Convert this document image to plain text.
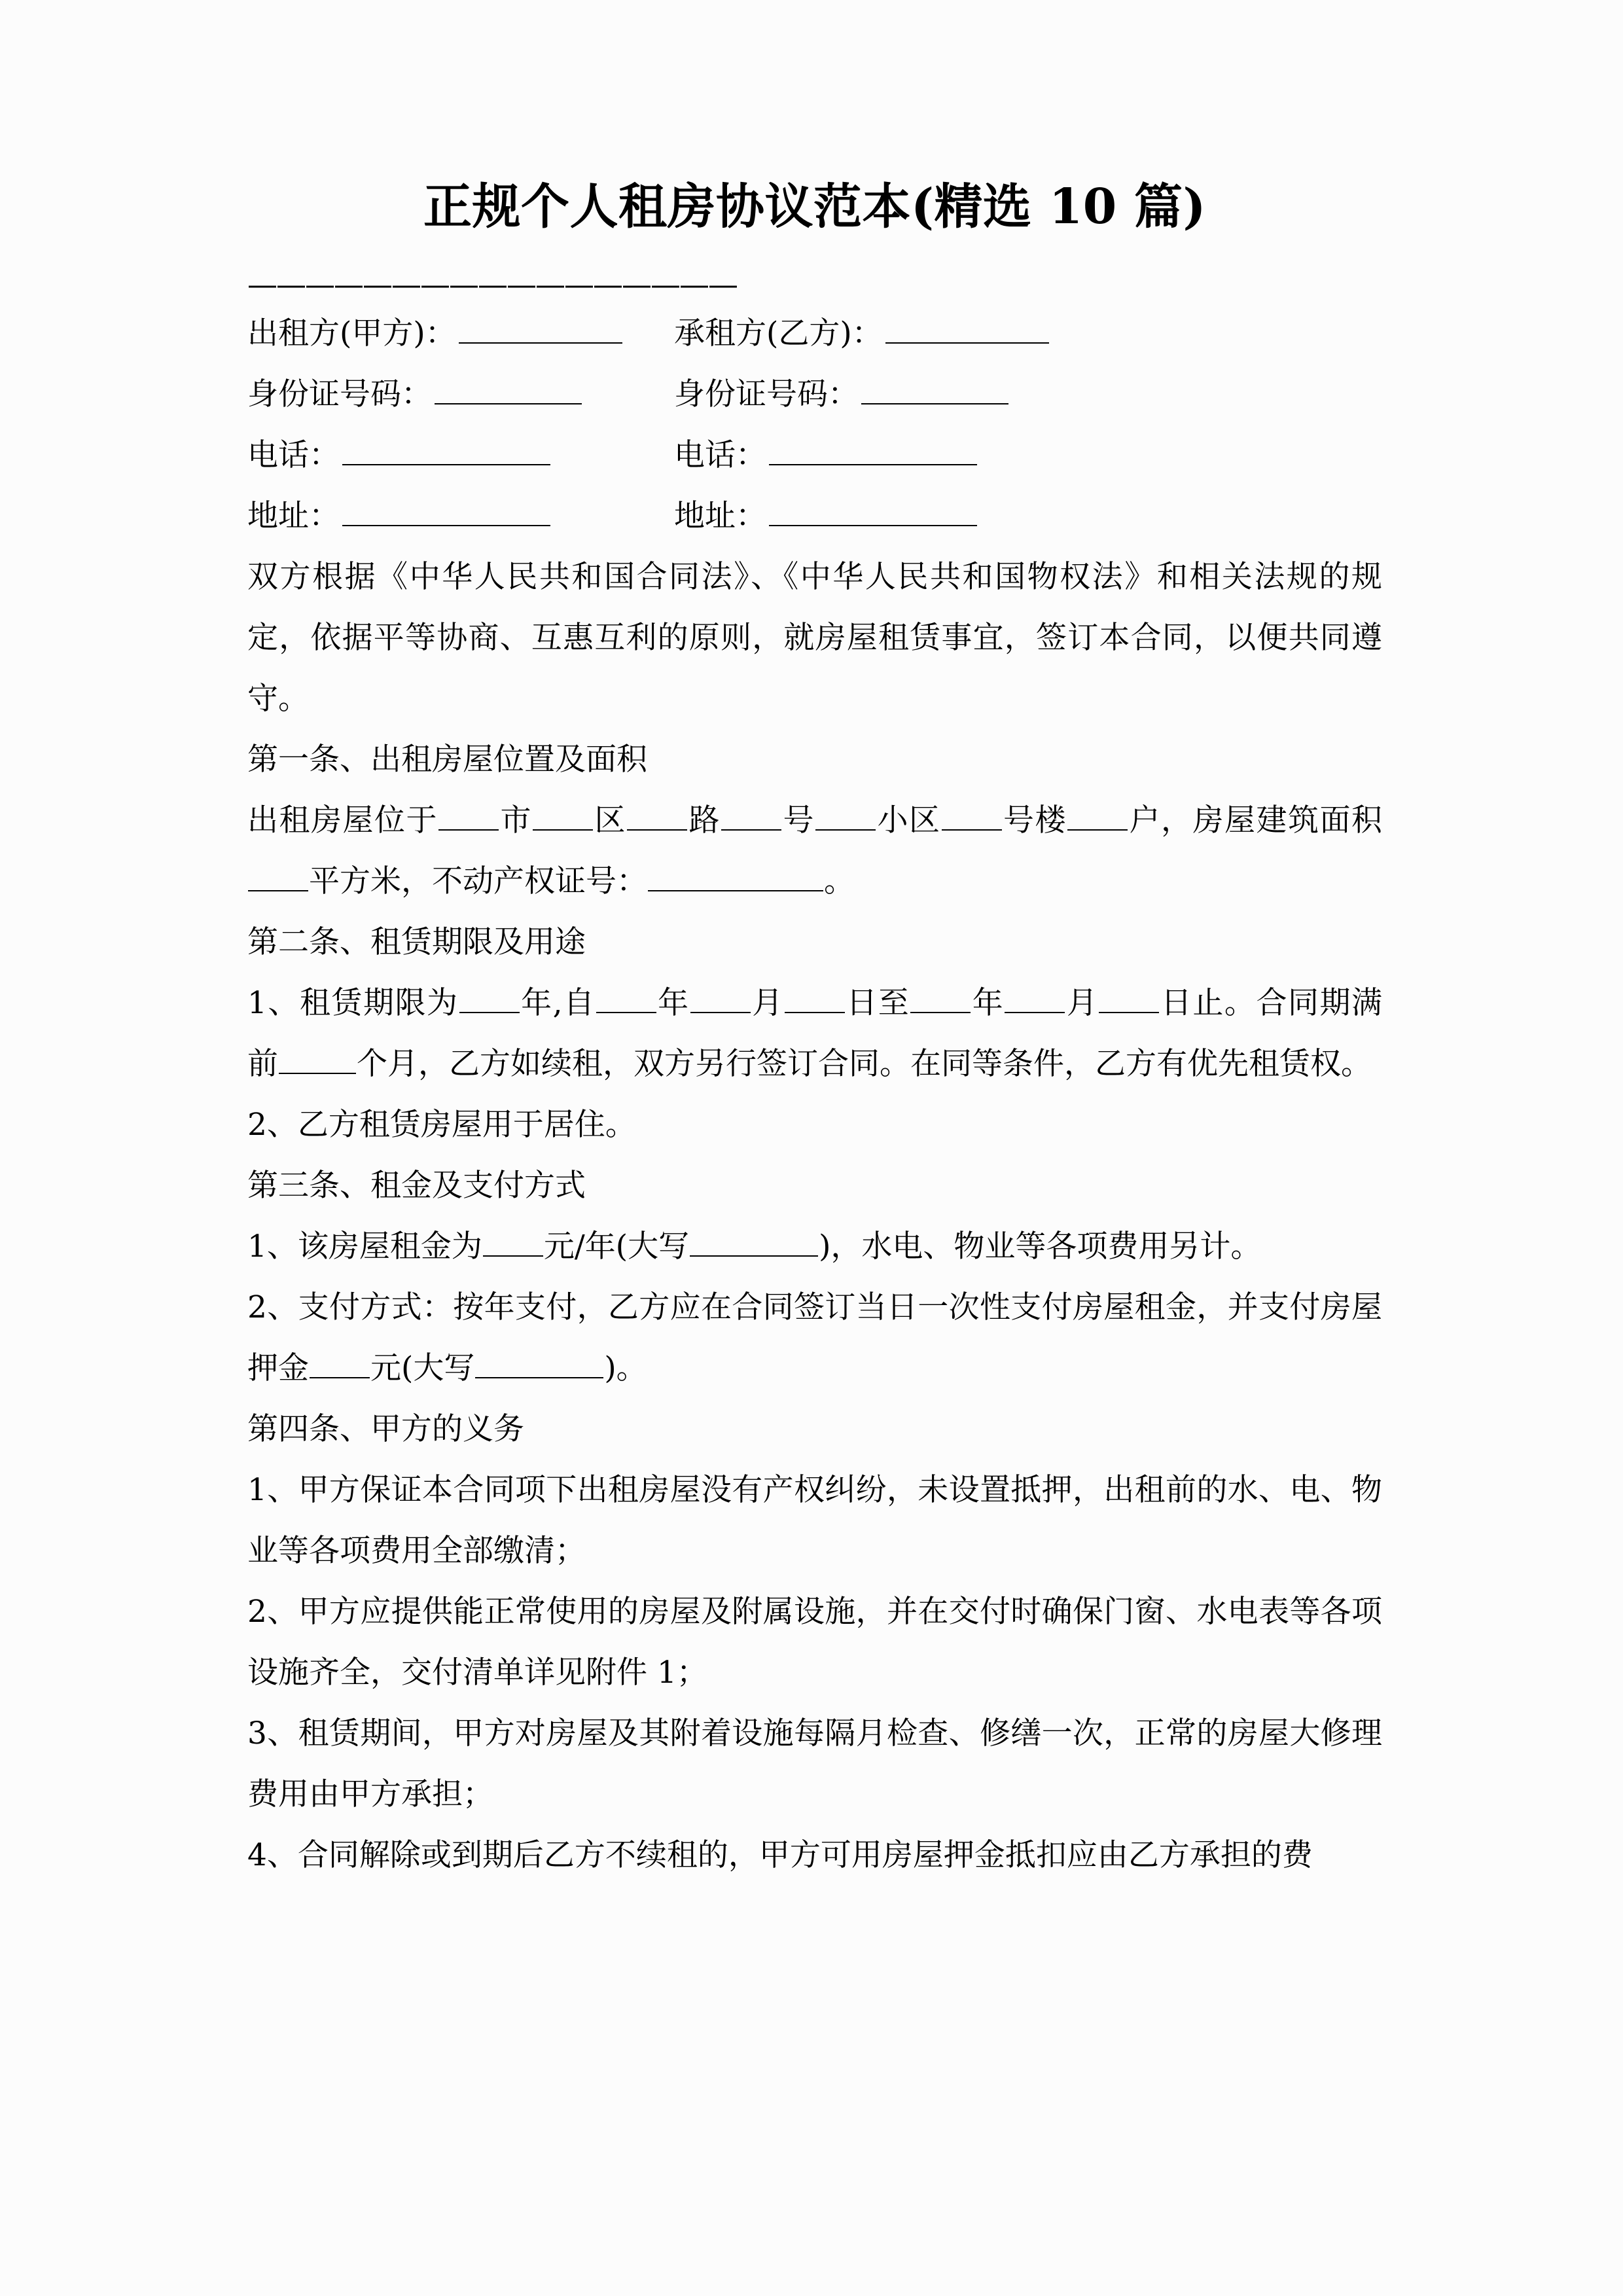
正规个人租房协议范本(精选 10 篇)
—————————————————
出租方(甲方)：	承租方(乙方)：
身份证号码：	身份证号码：
电话：	电话：
地址：	地址：

双方根据《中华人民共和国合同法》、《中华人民共和国物权法》和相关法规的规定，依据平等协商、互惠互利的原则，就房屋租赁事宜，签订本合同，以便共同遵守。

第一条、出租房屋位置及面积

出租房屋位于 市 区 路 号 小区 号楼 户，房屋建筑面积平方米，不动产权证号：	。

第二条、租赁期限及用途

1、租赁期限为 年,自 年 月 日至 年 月 日止。合同期满前	个月，乙方如续租，双方另行签订合同。在同等条件，乙方有优先租赁权。

2、乙方租赁房屋用于居住。

第三条、租金及支付方式

1、该房屋租金为 元/年(大写	)，水电、物业等各项费用另计。

2、支付方式：按年支付，乙方应在合同签订当日一次性支付房屋租金，并支付房屋押金 元(大写	)。

第四条、甲方的义务

1、甲方保证本合同项下出租房屋没有产权纠纷，未设置抵押，出租前的水、电、物业等各项费用全部缴清；

2、甲方应提供能正常使用的房屋及附属设施，并在交付时确保门窗、水电表等各项设施齐全，交付清单详见附件 1；

3、租赁期间，甲方对房屋及其附着设施每隔月检查、修缮一次，正常的房屋大修理费用由甲方承担；

4、合同解除或到期后乙方不续租的，甲方可用房屋押金抵扣应由乙方承担的费
